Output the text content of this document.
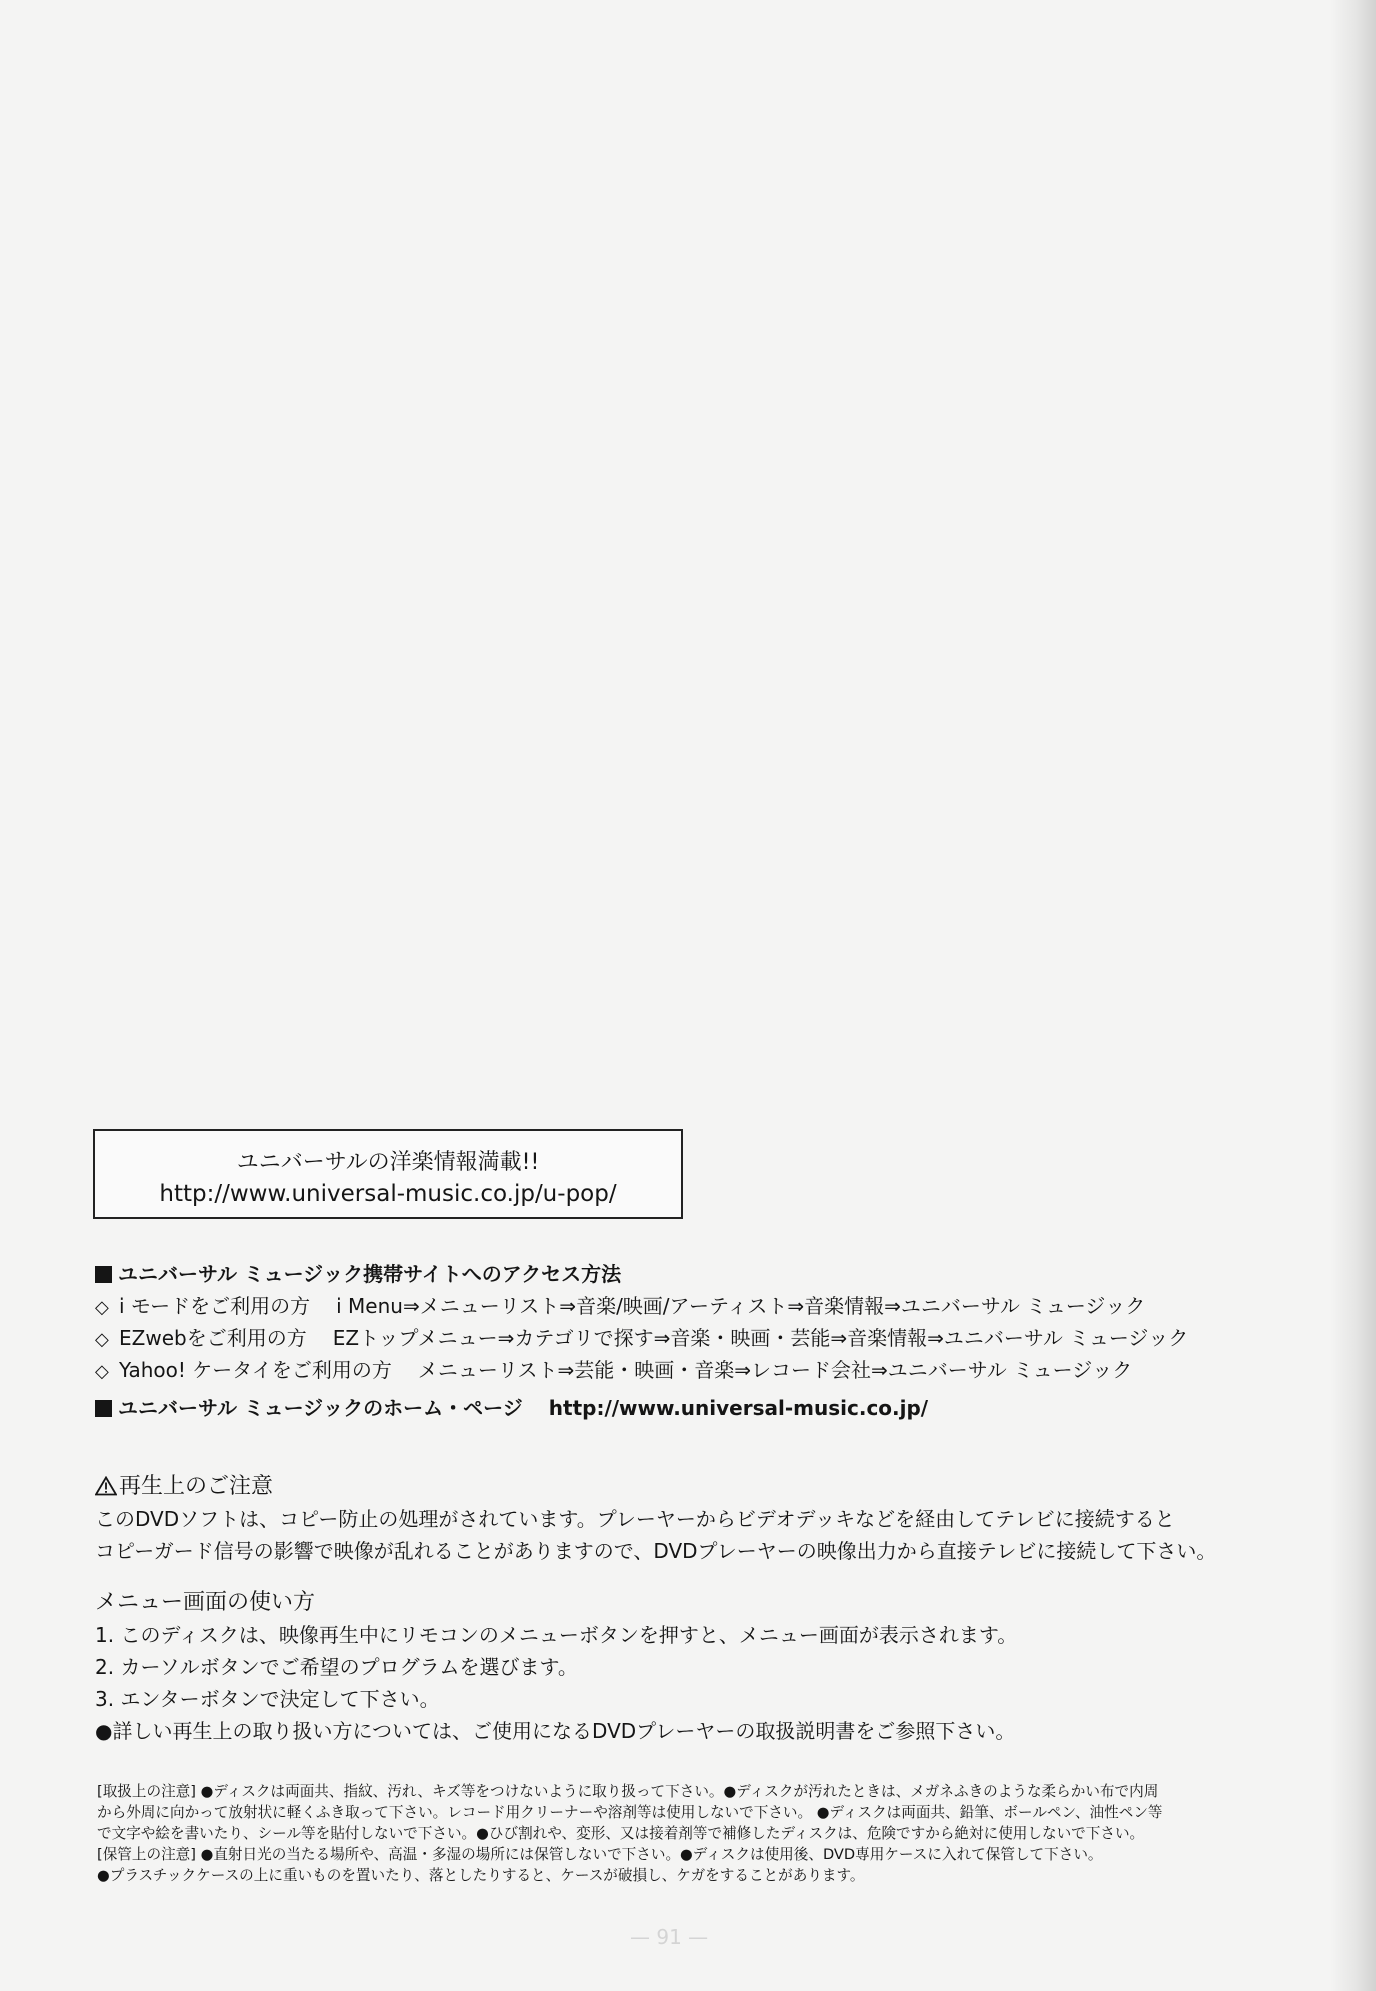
ユニバーサルの洋楽情報満載!!
http://www.universal-music.co.jp/u-pop/
ユニバーサル ミュージック携帯サイトへのアクセス方法
◇ i モードをご利用の方 i Menu⇒メニューリスト⇒音楽/映画/アーティスト⇒音楽情報⇒ユニバーサル ミュージック
◇ EZwebをご利用の方 EZトップメニュー⇒カテゴリで探す⇒音楽・映画・芸能⇒音楽情報⇒ユニバーサル ミュージック
◇ Yahoo! ケータイをご利用の方 メニューリスト⇒芸能・映画・音楽⇒レコード会社⇒ユニバーサル ミュージック
ユニバーサル ミュージックのホーム・ページ http://www.universal-music.co.jp/
再生上のご注意
このDVDソフトは、コピー防止の処理がされています。プレーヤーからビデオデッキなどを経由してテレビに接続すると
コピーガード信号の影響で映像が乱れることがありますので、DVDプレーヤーの映像出力から直接テレビに接続して下さい。
メニュー画面の使い方
1. このディスクは、映像再生中にリモコンのメニューボタンを押すと、メニュー画面が表示されます。
2. カーソルボタンでご希望のプログラムを選びます。
3. エンターボタンで決定して下さい。
●詳しい再生上の取り扱い方については、ご使用になるDVDプレーヤーの取扱説明書をご参照下さい。
[取扱上の注意] ●ディスクは両面共、指紋、汚れ、キズ等をつけないように取り扱って下さい。●ディスクが汚れたときは、メガネふきのような柔らかい布で内周
から外周に向かって放射状に軽くふき取って下さい。レコード用クリーナーや溶剤等は使用しないで下さい。 ●ディスクは両面共、鉛筆、ボールペン、油性ペン等
で文字や絵を書いたり、シール等を貼付しないで下さい。●ひび割れや、変形、又は接着剤等で補修したディスクは、危険ですから絶対に使用しないで下さい。
[保管上の注意] ●直射日光の当たる場所や、高温・多湿の場所には保管しないで下さい。●ディスクは使用後、DVD専用ケースに入れて保管して下さい。
●プラスチックケースの上に重いものを置いたり、落としたりすると、ケースが破損し、ケガをすることがあります。
— 91 —
